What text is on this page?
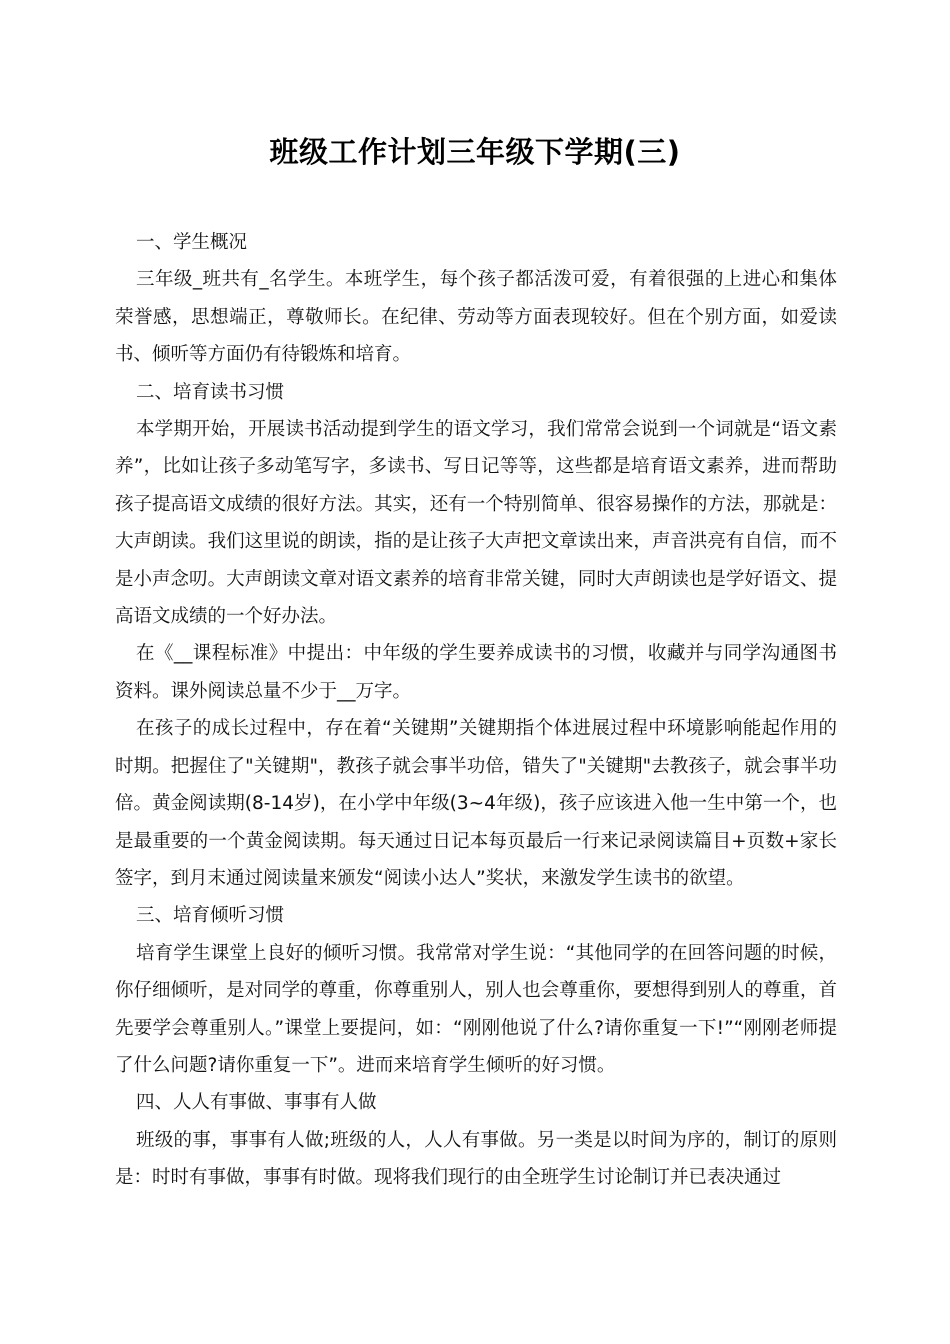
班级工作计划三年级下学期(三)

一、学生概况

三年级_班共有_名学生。本班学生，每个孩子都活泼可爱，有着很强的上进心和集体荣誉感，思想端正，尊敬师长。在纪律、劳动等方面表现较好。但在个别方面，如爱读书、倾听等方面仍有待锻炼和培育。

二、培育读书习惯

本学期开始，开展读书活动提到学生的语文学习，我们常常会说到一个词就是“语文素养”，比如让孩子多动笔写字，多读书、写日记等等，这些都是培育语文素养，进而帮助孩子提高语文成绩的很好方法。其实，还有一个特别简单、很容易操作的方法，那就是：大声朗读。我们这里说的朗读，指的是让孩子大声把文章读出来，声音洪亮有自信，而不是小声念叨。大声朗读文章对语文素养的培育非常关键，同时大声朗读也是学好语文、提高语文成绩的一个好办法。

在《__课程标准》中提出：中年级的学生要养成读书的习惯，收藏并与同学沟通图书资料。课外阅读总量不少于__万字。

在孩子的成长过程中，存在着“关键期”关键期指个体进展过程中环境影响能起作用的时期。把握住了"关键期"，教孩子就会事半功倍，错失了"关键期"去教孩子，就会事半功倍。黄金阅读期(8-14岁)，在小学中年级(3~4年级)，孩子应该进入他一生中第一个，也是最重要的一个黄金阅读期。每天通过日记本每页最后一行来记录阅读篇目+页数+家长签字，到月末通过阅读量来颁发“阅读小达人”奖状，来激发学生读书的欲望。

三、培育倾听习惯

培育学生课堂上良好的倾听习惯。我常常对学生说：“其他同学的在回答问题的时候，你仔细倾听，是对同学的尊重，你尊重别人，别人也会尊重你，要想得到别人的尊重，首先要学会尊重别人。”课堂上要提问，如：“刚刚他说了什么?请你重复一下!”“刚刚老师提了什么问题?请你重复一下”。进而来培育学生倾听的好习惯。

四、人人有事做、事事有人做

班级的事，事事有人做;班级的人，人人有事做。另一类是以时间为序的，制订的原则是：时时有事做，事事有时做。现将我们现行的由全班学生讨论制订并已表决通过
